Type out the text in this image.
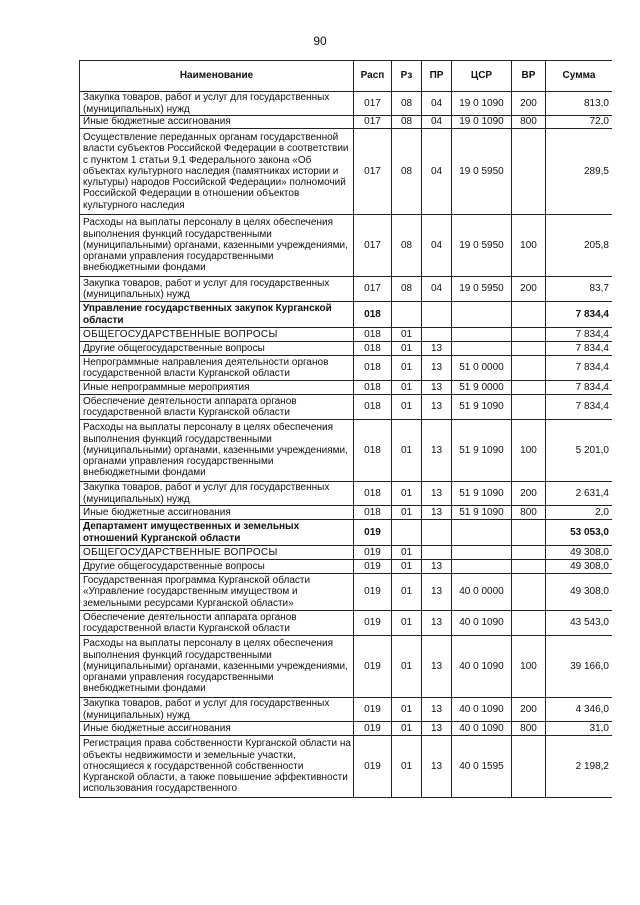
90
Наименование	Расп	Рз	ПР	ЦСР	ВР	Сумма
Закупка товаров, работ и услуг для государственных (муниципальных) нужд	017	08	04	19 0 1090	200	813,0
Иные бюджетные ассигнования	017	08	04	19 0 1090	800	72,0
Осуществление переданных органам государственной власти субъектов Российской Федерации в соответствии с пунктом 1 статьи 9.1 Федерального закона «Об объектах культурного наследия (памятниках истории и культуры) народов Российской Федерации» полномочий Российской Федерации в отношении объектов культурного наследия	017	08	04	19 0 5950		289,5
Расходы на выплаты персоналу в целях обеспечения выполнения функций государственными (муниципальными) органами, казенными учреждениями, органами управления государственными внебюджетными фондами	017	08	04	19 0 5950	100	205,8
Закупка товаров, работ и услуг для государственных (муниципальных) нужд	017	08	04	19 0 5950	200	83,7
Управление государственных закупок Курганской области	018					7 834,4
ОБЩЕГОСУДАРСТВЕННЫЕ ВОПРОСЫ	018	01				7 834,4
Другие общегосударственные вопросы	018	01	13			7 834,4
Непрограммные направления деятельности органов государственной власти Курганской области	018	01	13	51 0 0000		7 834,4
Иные непрограммные мероприятия	018	01	13	51 9 0000		7 834,4
Обеспечение деятельности аппарата органов государственной власти Курганской области	018	01	13	51 9 1090		7 834,4
Расходы на выплаты персоналу в целях обеспечения выполнения функций государственными (муниципальными) органами, казенными учреждениями, органами управления государственными внебюджетными фондами	018	01	13	51 9 1090	100	5 201,0
Закупка товаров, работ и услуг для государственных (муниципальных) нужд	018	01	13	51 9 1090	200	2 631,4
Иные бюджетные ассигнования	018	01	13	51 9 1090	800	2,0
Департамент имущественных и земельных отношений Курганской области	019					53 053,0
ОБЩЕГОСУДАРСТВЕННЫЕ ВОПРОСЫ	019	01				49 308,0
Другие общегосударственные вопросы	019	01	13			49 308,0
Государственная программа Курганской области «Управление государственным имуществом и земельными ресурсами Курганской области»	019	01	13	40 0 0000		49 308,0
Обеспечение деятельности аппарата органов государственной власти Курганской области	019	01	13	40 0 1090		43 543,0
Расходы на выплаты персоналу в целях обеспечения выполнения функций государственными (муниципальными) органами, казенными учреждениями, органами управления государственными внебюджетными фондами	019	01	13	40 0 1090	100	39 166,0
Закупка товаров, работ и услуг для государственных (муниципальных) нужд	019	01	13	40 0 1090	200	4 346,0
Иные бюджетные ассигнования	019	01	13	40 0 1090	800	31,0
Регистрация права собственности Курганской области на объекты недвижимости и земельные участки, относящиеся к государственной собственности Курганской области, а также повышение эффективности использования государственного	019	01	13	40 0 1595		2 198,2
